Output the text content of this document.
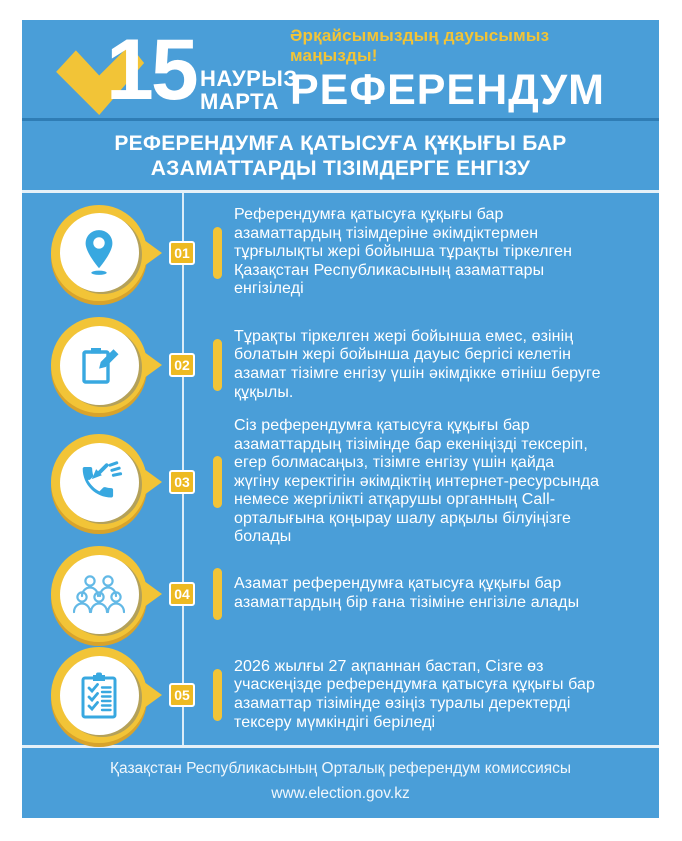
15 НАУРЫЗ
МАРТА
Әрқайсымыздың дауысымыз маңызды!
РЕФЕРЕНДУМ
РЕФЕРЕНДУМҒА ҚАТЫСУҒА ҚҰҚЫҒЫ БАР
АЗАМАТТАРДЫ ТІЗІМДЕРГЕ ЕНГІЗУ
01
Референдумға қатысуға құқығы бар азаматтардың тізімдеріне әкімдіктермен тұрғылықты жері бойынша тұрақты тіркелген Қазақстан Республикасының азаматтары енгізіледі
02
Тұрақты тіркелген жері бойынша емес, өзінің болатын жері бойынша дауыс бергісі келетін азамат тізімге енгізу үшін әкімдікке өтініш беруге құқылы.
03
Сіз референдумға қатысуға құқығы бар азаматтардың тізімінде бар екеніңізді тексеріп, егер болмасаңыз, тізімге енгізу үшін қайда жүгіну керектігін әкімдіктің интернет-ресурсында немесе жергілікті атқарушы органның Call-орталығына қоңырау шалу арқылы білуіңізге болады
04
Азамат референдумға қатысуға құқығы бар азаматтардың бір ғана тізіміне енгізіле алады
05
2026 жылғы 27 ақпаннан бастап, Сізге өз учаскеңізде референдумға қатысуға құқығы бар азаматтар тізімінде өзіңіз туралы деректерді тексеру мүмкіндігі беріледі
Қазақстан Республикасының Орталық референдум комиссиясы
www.election.gov.kz
